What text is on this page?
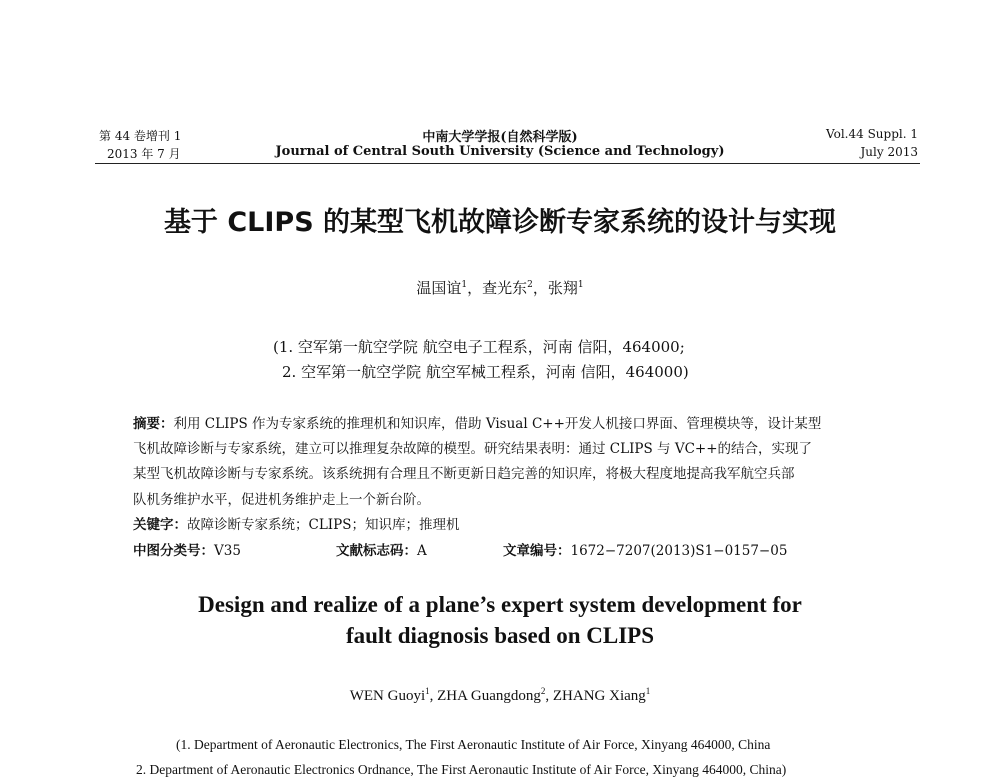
第 44 卷增刊 1
2013 年 7 月
中南大学学报(自然科学版)
Journal of Central South University (Science and Technology)
Vol.44 Suppl. 1
July 2013
基于 CLIPS 的某型飞机故障诊断专家系统的设计与实现
温国谊$^1$，查光东$^2$，张翔$^1$
(1. 空军第一航空学院 航空电子工程系，河南 信阳，464000;
2. 空军第一航空学院 航空军械工程系，河南 信阳，464000)
摘要：利用 CLIPS 作为专家系统的推理机和知识库，借助 Visual C++开发人机接口界面、管理模块等，设计某型
飞机故障诊断与专家系统，建立可以推理复杂故障的模型。研究结果表明：通过 CLIPS 与 VC++的结合，实现了
某型飞机故障诊断与专家系统。该系统拥有合理且不断更新日趋完善的知识库，将极大程度地提高我军航空兵部
队机务维护水平，促进机务维护走上一个新台阶。
关键字：故障诊断专家系统；CLIPS；知识库；推理机
中图分类号：V35	文献标志码：A	文章编号：1672−7207(2013)S1−0157−05
Design and realize of a plane’s expert system development for
fault diagnosis based on CLIPS
WEN Guoyi$^1$, ZHA Guangdong$^2$, ZHANG Xiang$^1$
(1. Department of Aeronautic Electronics, The First Aeronautic Institute of Air Force, Xinyang 464000, China
2. Department of Aeronautic Electronics Ordnance, The First Aeronautic Institute of Air Force, Xinyang 464000, China)
